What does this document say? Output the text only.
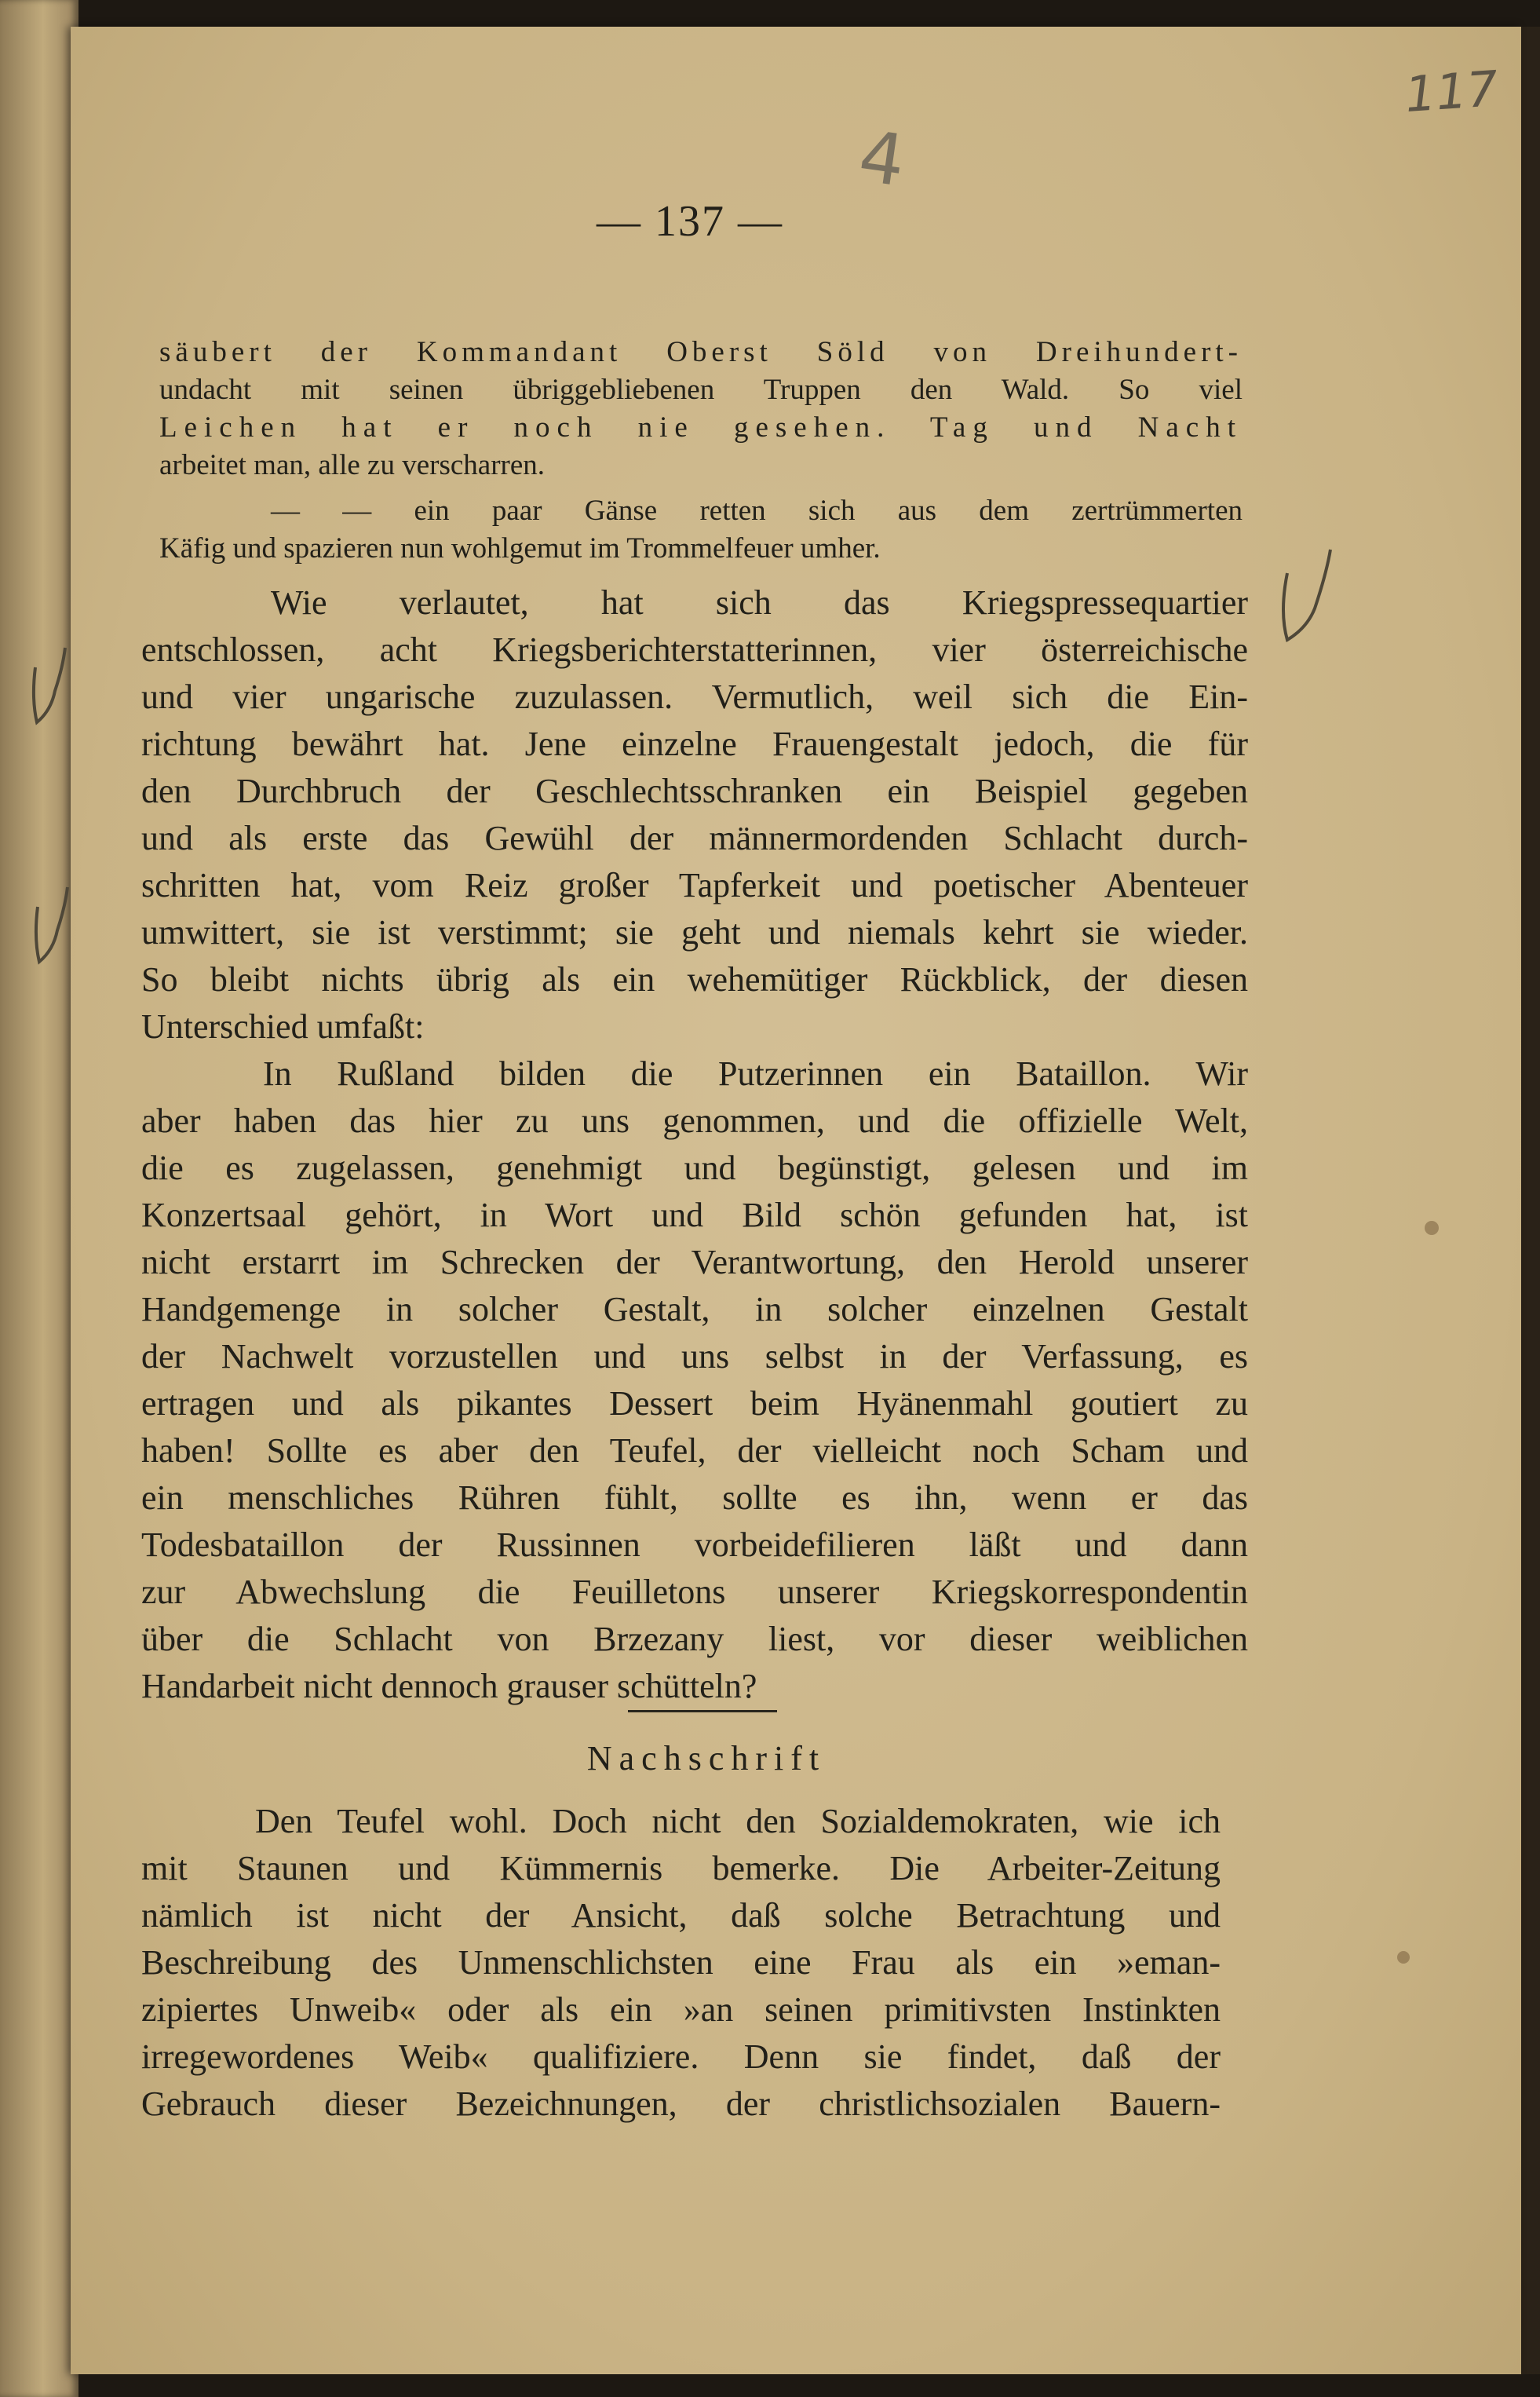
117
4
— 137 —
säubert der Kommandant Oberst Söld von Dreihundert-
undacht mit seinen übriggebliebenen Truppen den Wald. So viel
Leichen hat er noch nie gesehen. Tag und Nacht
arbeitet man, alle zu verscharren.
— — ein paar Gänse retten sich aus dem zertrümmerten
Käfig und spazieren nun wohlgemut im Trommelfeuer umher.
Wie verlautet, hat sich das Kriegspressequartier
entschlossen, acht Kriegsberichterstatterinnen, vier österreichische
und vier ungarische zuzulassen. Vermutlich, weil sich die Ein-
richtung bewährt hat. Jene einzelne Frauengestalt jedoch, die für
den Durchbruch der Geschlechtsschranken ein Beispiel gegeben
und als erste das Gewühl der männermordenden Schlacht durch-
schritten hat, vom Reiz großer Tapferkeit und poetischer Abenteuer
umwittert, sie ist verstimmt; sie geht und niemals kehrt sie wieder.
So bleibt nichts übrig als ein wehemütiger Rückblick, der diesen
Unterschied umfaßt:
In Rußland bilden die Putzerinnen ein Bataillon. Wir
aber haben das hier zu uns genommen, und die offizielle Welt,
die es zugelassen, genehmigt und begünstigt, gelesen und im
Konzertsaal gehört, in Wort und Bild schön gefunden hat, ist
nicht erstarrt im Schrecken der Verantwortung, den Herold unserer
Handgemenge in solcher Gestalt, in solcher einzelnen Gestalt
der Nachwelt vorzustellen und uns selbst in der Verfassung, es
ertragen und als pikantes Dessert beim Hyänenmahl goutiert zu
haben! Sollte es aber den Teufel, der vielleicht noch Scham und
ein menschliches Rühren fühlt, sollte es ihn, wenn er das
Todesbataillon der Russinnen vorbeidefilieren läßt und dann
zur Abwechslung die Feuilletons unserer Kriegskorrespondentin
über die Schlacht von Brzezany liest, vor dieser weiblichen
Handarbeit nicht dennoch grauser schütteln?
Nachschrift
Den Teufel wohl. Doch nicht den Sozialdemokraten, wie ich
mit Staunen und Kümmernis bemerke. Die Arbeiter-Zeitung
nämlich ist nicht der Ansicht, daß solche Betrachtung und
Beschreibung des Unmenschlichsten eine Frau als ein »eman-
zipiertes Unweib« oder als ein »an seinen primitivsten Instinkten
irregewordenes Weib« qualifiziere. Denn sie findet, daß der
Gebrauch dieser Bezeichnungen, der christlichsozialen Bauern-
